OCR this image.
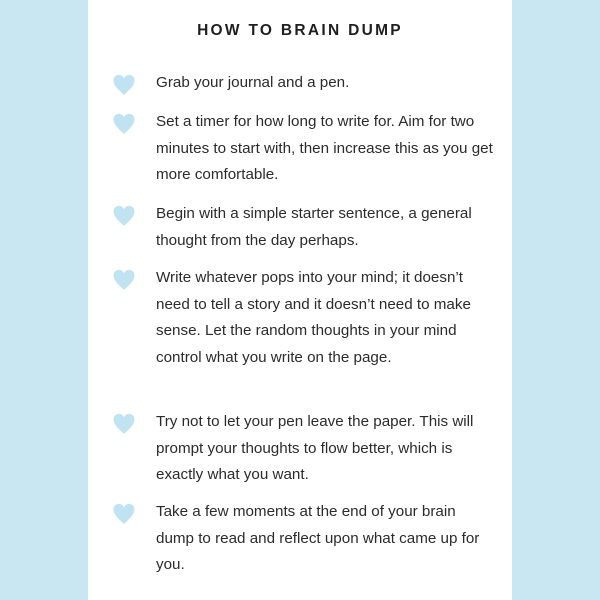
HOW TO BRAIN DUMP
Grab your journal and a pen.
Set a timer for how long to write for. Aim for two minutes to start with, then increase this as you get more comfortable.
Begin with a simple starter sentence, a general thought from the day perhaps.
Write whatever pops into your mind; it doesn’t need to tell a story and it doesn’t need to make sense. Let the random thoughts in your mind control what you write on the page.
Try not to let your pen leave the paper. This will prompt your thoughts to flow better, which is exactly what you want.
Take a few moments at the end of your brain dump to read and reflect upon what came up for you.
